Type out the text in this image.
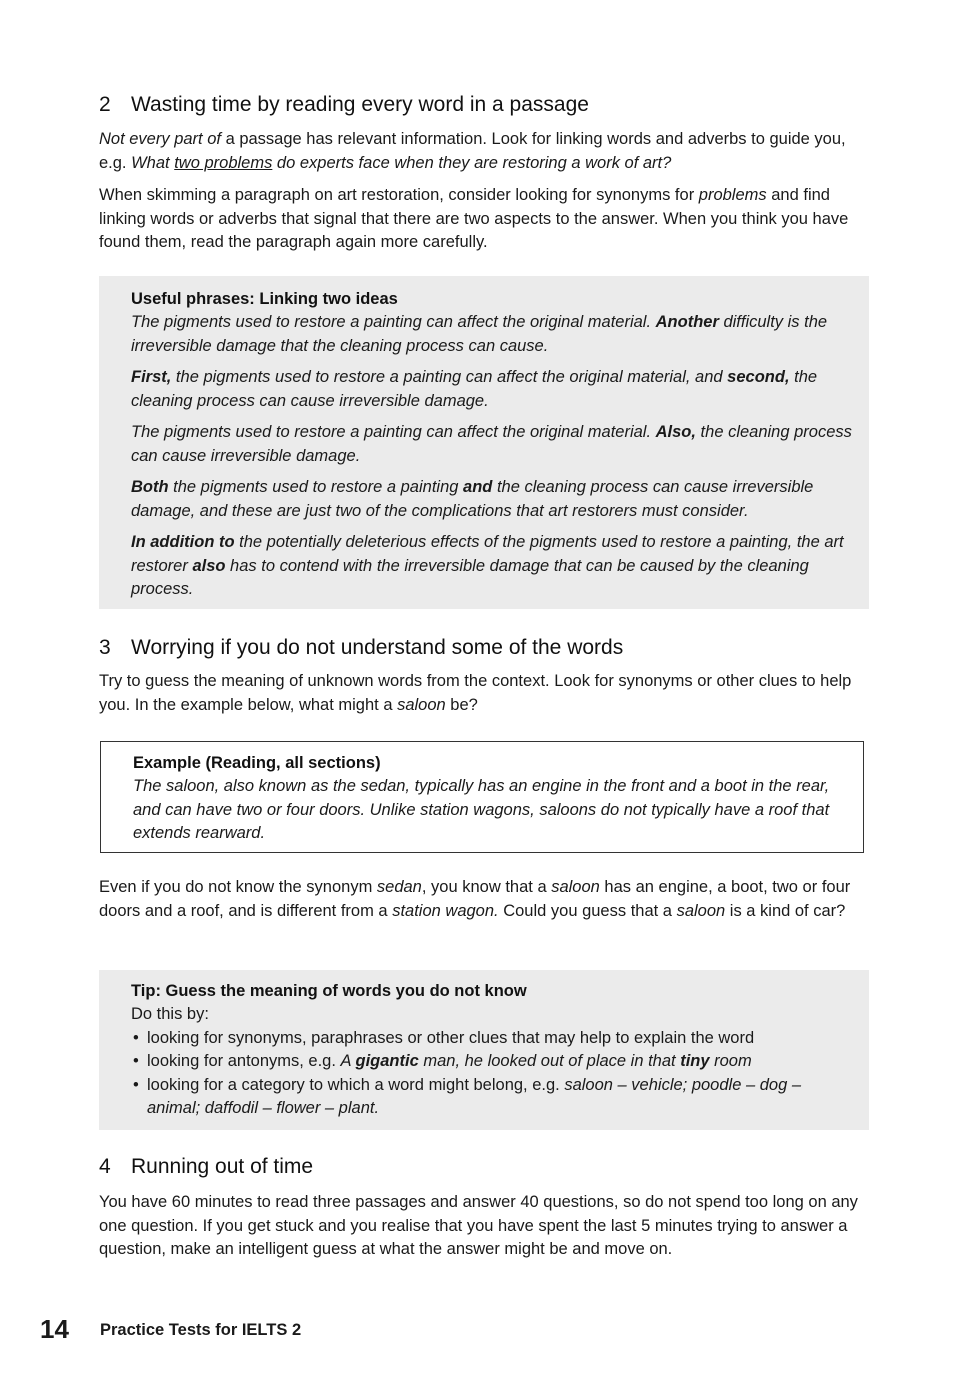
2 Wasting time by reading every word in a passage

Not every part of a passage has relevant information. Look for linking words and adverbs to guide you, e.g. What two problems do experts face when they are restoring a work of art?

When skimming a paragraph on art restoration, consider looking for synonyms for problems and find linking words or adverbs that signal that there are two aspects to the answer. When you think you have found them, read the paragraph again more carefully.

Useful phrases: Linking two ideas
The pigments used to restore a painting can affect the original material. Another difficulty is the irreversible damage that the cleaning process can cause.
First, the pigments used to restore a painting can affect the original material, and second, the cleaning process can cause irreversible damage.
The pigments used to restore a painting can affect the original material. Also, the cleaning process can cause irreversible damage.
Both the pigments used to restore a painting and the cleaning process can cause irreversible damage, and these are just two of the complications that art restorers must consider.
In addition to the potentially deleterious effects of the pigments used to restore a painting, the art restorer also has to contend with the irreversible damage that can be caused by the cleaning process.
3 Worrying if you do not understand some of the words

Try to guess the meaning of unknown words from the context. Look for synonyms or other clues to help you. In the example below, what might a saloon be?

Example (Reading, all sections)
The saloon, also known as the sedan, typically has an engine in the front and a boot in the rear, and can have two or four doors. Unlike station wagons, saloons do not typically have a roof that extends rearward.

Even if you do not know the synonym sedan, you know that a saloon has an engine, a boot, two or four doors and a roof, and is different from a station wagon. Could you guess that a saloon is a kind of car?

Tip: Guess the meaning of words you do not know

Do this by:

• looking for synonyms, paraphrases or other clues that may help to explain the word
• looking for antonyms, e.g. A gigantic man, he looked out of place in that tiny room
• looking for a category to which a word might belong, e.g. saloon – vehicle; poodle – dog – animal; daffodil – flower – plant.
4 Running out of time

You have 60 minutes to read three passages and answer 40 questions, so do not spend too long on any one question. If you get stuck and you realise that you have spent the last 5 minutes trying to answer a question, make an intelligent guess at what the answer might be and move on.

14 Practice Tests for IELTS 2
